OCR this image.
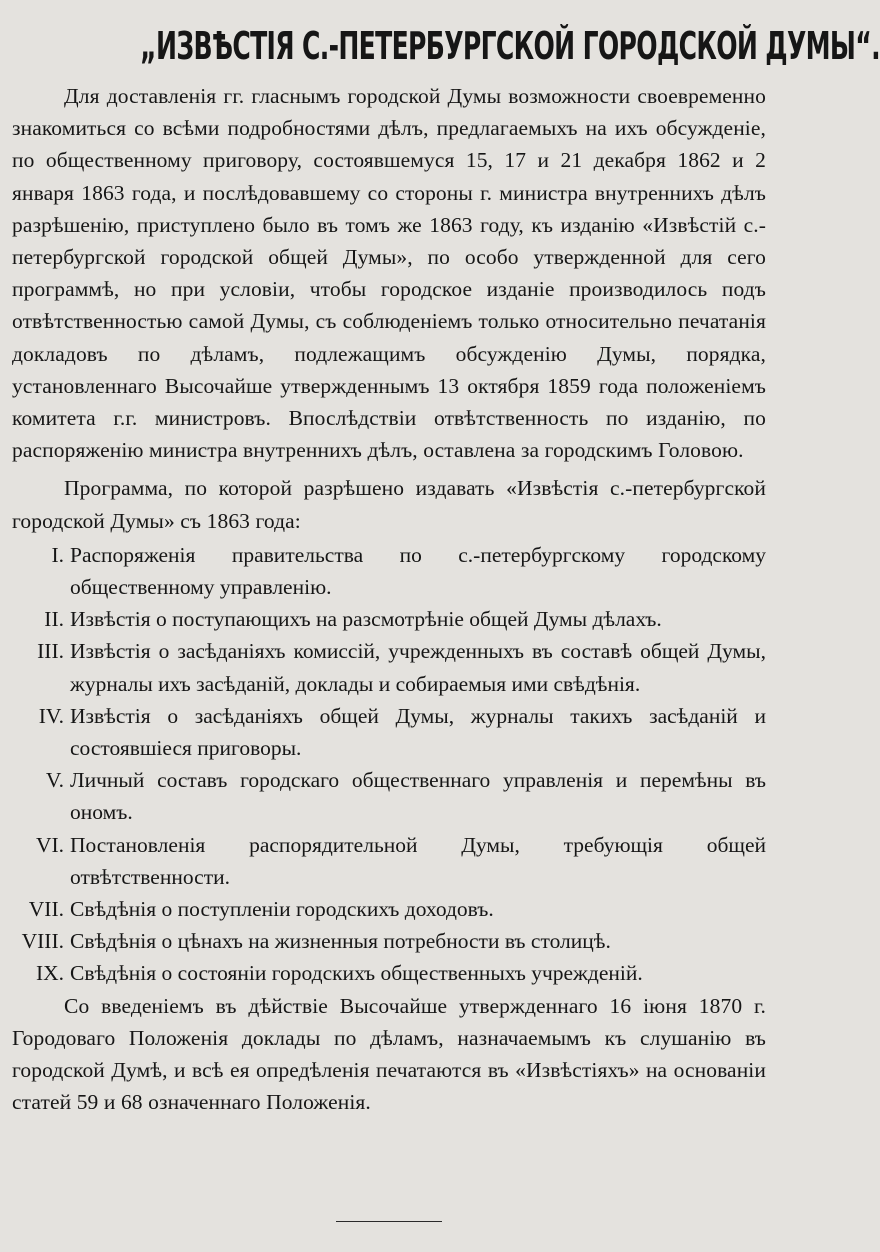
„ИЗВѢСТІЯ С.-ПЕТЕРБУРГСКОЙ ГОРОДСКОЙ ДУМЫ“.

Для доставленія гг. гласнымъ городской Думы возможности своевременно знакомиться со всѣми подробностями дѣлъ, предлагаемыхъ на ихъ обсужденіе, по общественному приговору, состоявшемуся 15, 17 и 21 декабря 1862 и 2 января 1863 года, и послѣдовавшему со стороны г. министра внутреннихъ дѣлъ разрѣшенію, приступлено было въ томъ же 1863 году, къ изданію «Извѣстій с.-петербургской городской общей Думы», по особо утвержденной для сего программѣ, но при условіи, чтобы городское изданіе производилось подъ отвѣтственностью самой Думы, съ соблюденіемъ только относительно печатанія докладовъ по дѣламъ, подлежащимъ обсужденію Думы, порядка, установленнаго Высочайше утвержденнымъ 13 октября 1859 года положеніемъ комитета г.г. министровъ. Впослѣдствіи отвѣтственность по изданію, по распоряженію министра внутреннихъ дѣлъ, оставлена за городскимъ Головою.

Программа, по которой разрѣшено издавать «Извѣстія с.-петербургской городской Думы» съ 1863 года:

I. Распоряженія правительства по с.-петербургскому городскому общественному управленію.
II. Извѣстія о поступающихъ на разсмотрѣніе общей Думы дѣлахъ.
III. Извѣстія о засѣданіяхъ комиссій, учрежденныхъ въ составѣ общей Думы, журналы ихъ засѣданій, доклады и собираемыя ими свѣдѣнія.
IV. Извѣстія о засѣданіяхъ общей Думы, журналы такихъ засѣданій и состоявшіеся приговоры.
V. Личный составъ городскаго общественнаго управленія и перемѣны въ ономъ.
VI. Постановленія распорядительной Думы, требующія общей отвѣтственности.
VII. Свѣдѣнія о поступленіи городскихъ доходовъ.
VIII. Свѣдѣнія о цѣнахъ на жизненныя потребности въ столицѣ.
IX. Свѣдѣнія о состояніи городскихъ общественныхъ учрежденій.

Со введеніемъ въ дѣйствіе Высочайше утвержденнаго 16 іюня 1870 г. Городоваго Положенія доклады по дѣламъ, назначаемымъ къ слушанію въ городской Думѣ, и всѣ ея опредѣленія печатаются въ «Извѣстіяхъ» на основаніи статей 59 и 68 означеннаго Положенія.
